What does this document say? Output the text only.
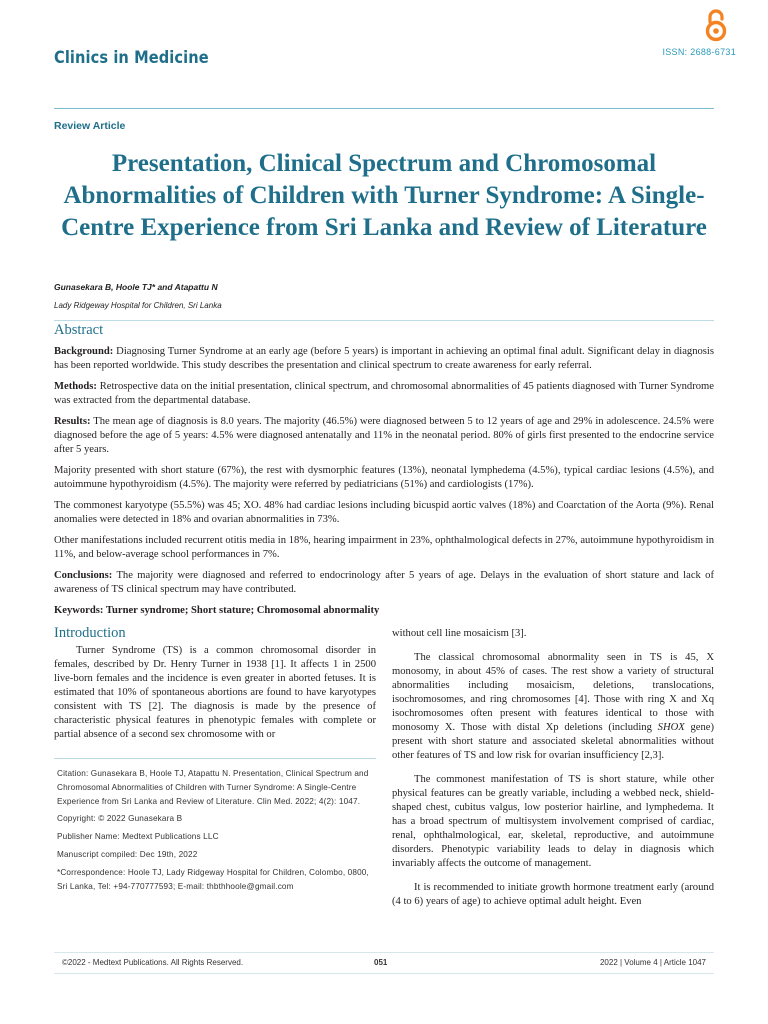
Clinics in Medicine	ISSN: 2688-6731
Review Article
Presentation, Clinical Spectrum and Chromosomal Abnormalities of Children with Turner Syndrome: A Single-Centre Experience from Sri Lanka and Review of Literature
Gunasekara B, Hoole TJ* and Atapattu N
Lady Ridgeway Hospital for Children, Sri Lanka
Abstract

Background: Diagnosing Turner Syndrome at an early age (before 5 years) is important in achieving an optimal final adult. Significant delay in diagnosis has been reported worldwide. This study describes the presentation and clinical spectrum to create awareness for early referral.

Methods: Retrospective data on the initial presentation, clinical spectrum, and chromosomal abnormalities of 45 patients diagnosed with Turner Syndrome was extracted from the departmental database.

Results: The mean age of diagnosis is 8.0 years. The majority (46.5%) were diagnosed between 5 to 12 years of age and 29% in adolescence. 24.5% were diagnosed before the age of 5 years: 4.5% were diagnosed antenatally and 11% in the neonatal period. 80% of girls first presented to the endocrine service after 5 years.

Majority presented with short stature (67%), the rest with dysmorphic features (13%), neonatal lymphedema (4.5%), typical cardiac lesions (4.5%), and autoimmune hypothyroidism (4.5%). The majority were referred by pediatricians (51%) and cardiologists (17%).

The commonest karyotype (55.5%) was 45; XO. 48% had cardiac lesions including bicuspid aortic valves (18%) and Coarctation of the Aorta (9%). Renal anomalies were detected in 18% and ovarian abnormalities in 73%.

Other manifestations included recurrent otitis media in 18%, hearing impairment in 23%, ophthalmological defects in 27%, autoimmune hypothyroidism in 11%, and below-average school performances in 7%.

Conclusions: The majority were diagnosed and referred to endocrinology after 5 years of age. Delays in the evaluation of short stature and lack of awareness of TS clinical spectrum may have contributed.

Keywords: Turner syndrome; Short stature; Chromosomal abnormality

Introduction

Turner Syndrome (TS) is a common chromosomal disorder in females, described by Dr. Henry Turner in 1938 [1]. It affects 1 in 2500 live-born females and the incidence is even greater in aborted fetuses. It is estimated that 10% of spontaneous abortions are found to have karyotypes consistent with TS [2]. The diagnosis is made by the presence of characteristic physical features in phenotypic females with complete or partial absence of a second sex chromosome with or

Citation: Gunasekara B, Hoole TJ, Atapattu N. Presentation, Clinical Spectrum and Chromosomal Abnormalities of Children with Turner Syndrome: A Single-Centre Experience from Sri Lanka and Review of Literature. Clin Med. 2022; 4(2): 1047.

Copyright: © 2022 Gunasekara B

Publisher Name: Medtext Publications LLC

Manuscript compiled: Dec 19th, 2022

*Correspondence: Hoole TJ, Lady Ridgeway Hospital for Children, Colombo, 0800, Sri Lanka, Tel: +94-770777593; E-mail: thbthhoole@gmail.com

without cell line mosaicism [3].

The classical chromosomal abnormality seen in TS is 45, X monosomy, in about 45% of cases. The rest show a variety of structural abnormalities including mosaicism, deletions, translocations, isochromosomes, and ring chromosomes [4]. Those with ring X and Xq isochromosomes often present with features identical to those with monosomy X. Those with distal Xp deletions (including SHOX gene) present with short stature and associated skeletal abnormalities without other features of TS and low risk for ovarian insufficiency [2,3].

The commonest manifestation of TS is short stature, while other physical features can be greatly variable, including a webbed neck, shield-shaped chest, cubitus valgus, low posterior hairline, and lymphedema. It has a broad spectrum of multisystem involvement comprised of cardiac, renal, ophthalmological, ear, skeletal, reproductive, and autoimmune disorders. Phenotypic variability leads to delay in diagnosis which invariably affects the outcome of management.

It is recommended to initiate growth hormone treatment early (around (4 to 6) years of age) to achieve optimal adult height. Even

©2022 - Medtext Publications. All Rights Reserved.	051	2022 | Volume 4 | Article 1047
